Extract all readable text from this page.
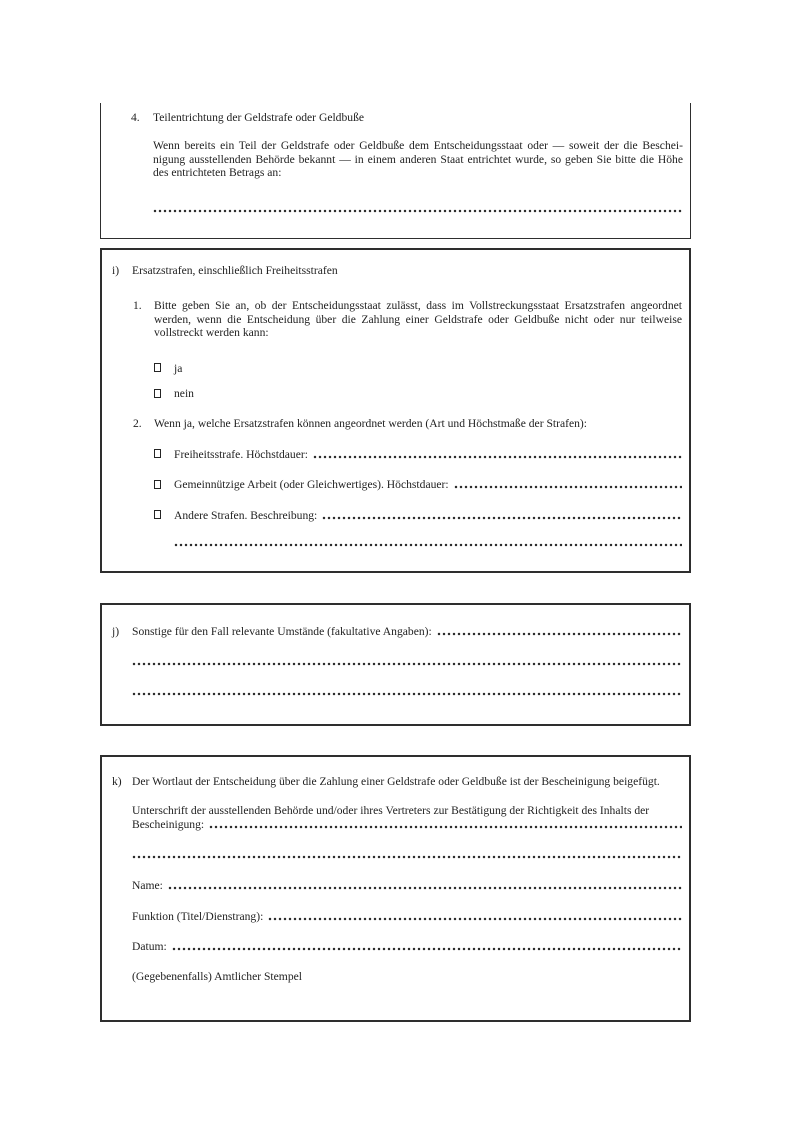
4.	Teilentrichtung der Geldstrafe oder Geldbuße
Wenn bereits ein Teil der Geldstrafe oder Geldbuße dem Entscheidungsstaat oder — soweit der die Bescheinigung ausstellenden Behörde bekannt — in einem anderen Staat entrichtet wurde, so geben Sie bitte die Höhe des entrichteten Betrags an:
i)	Ersatzstrafen, einschließlich Freiheitsstrafen
1.	Bitte geben Sie an, ob der Entscheidungsstaat zulässt, dass im Vollstreckungsstaat Ersatzstrafen angeordnet werden, wenn die Entscheidung über die Zahlung einer Geldstrafe oder Geldbuße nicht oder nur teilweise vollstreckt werden kann:
ja
nein
2.	Wenn ja, welche Ersatzstrafen können angeordnet werden (Art und Höchstmaße der Strafen):
Freiheitsstrafe. Höchstdauer:
Gemeinnützige Arbeit (oder Gleichwertiges). Höchstdauer:
Andere Strafen. Beschreibung:
j)	Sonstige für den Fall relevante Umstände (fakultative Angaben):
k) Der Wortlaut der Entscheidung über die Zahlung einer Geldstrafe oder Geldbuße ist der Bescheinigung beigefügt.
Unterschrift der ausstellenden Behörde und/oder ihres Vertreters zur Bestätigung der Richtigkeit des Inhalts der
Bescheinigung:
Name:
Funktion (Titel/Dienstrang):
Datum:
(Gegebenenfalls) Amtlicher Stempel
